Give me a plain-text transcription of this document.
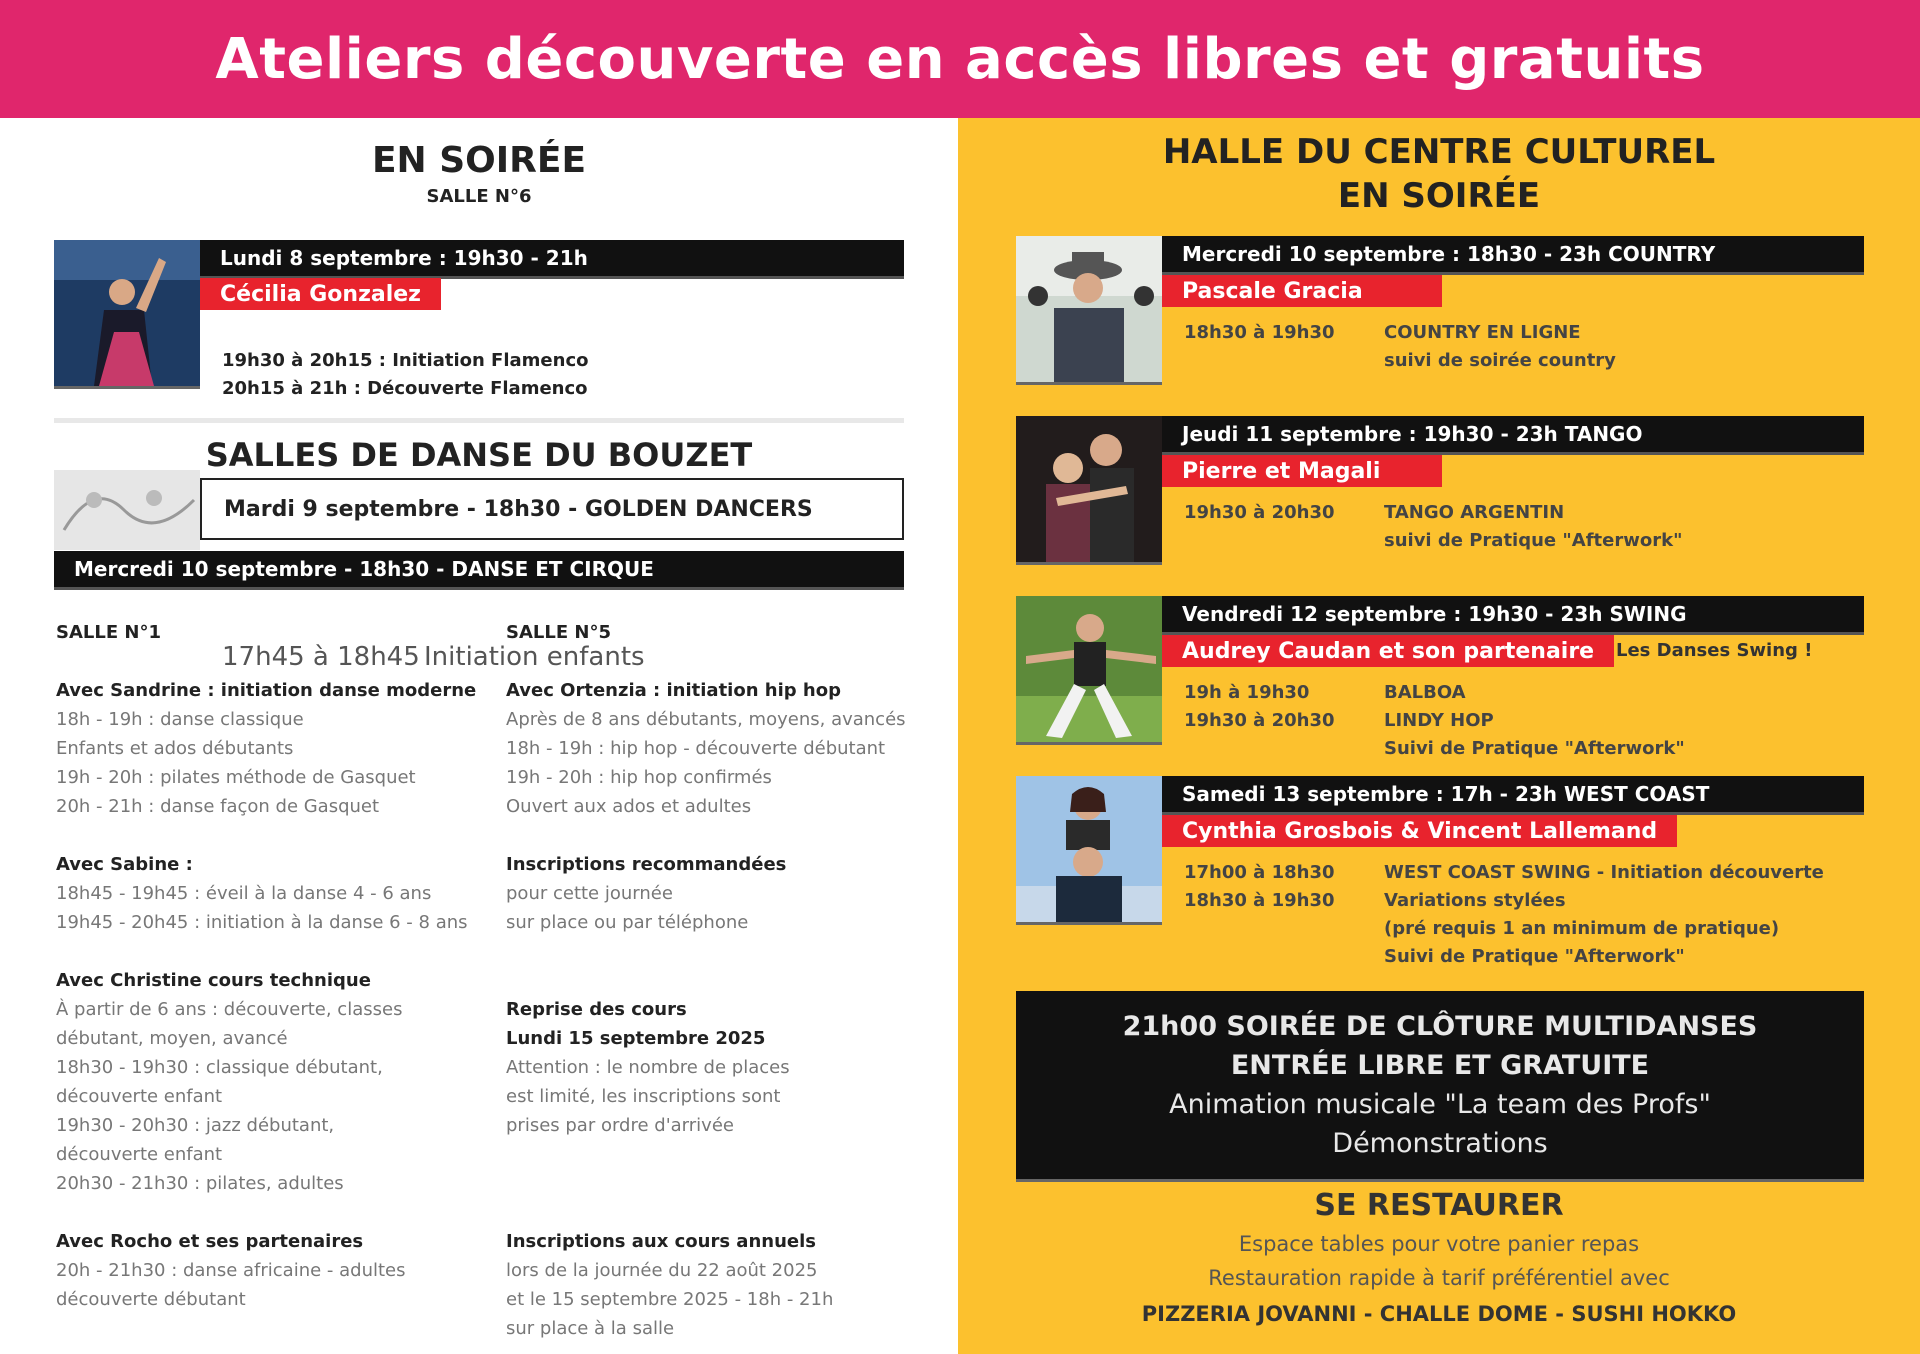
Ateliers découverte en accès libres et gratuits
EN SOIRÉE
SALLE N°6
Lundi 8 septembre : 19h30 - 21h
Cécilia Gonzalez
19h30 à 20h15 : Initiation Flamenco
20h15 à 21h : Découverte Flamenco
SALLES DE DANSE DU BOUZET
Mardi 9 septembre - 18h30 - GOLDEN DANCERS
Mercredi 10 septembre - 18h30 - DANSE ET CIRQUE
SALLE N°1	SALLE N°5
17h45 à 18h45 Initiation enfants
Avec Sandrine : initiation danse moderne
18h - 19h : danse classique
Enfants et ados débutants
19h - 20h : pilates méthode de Gasquet
20h - 21h : danse façon de Gasquet
Avec Sabine :
18h45 - 19h45 : éveil à la danse 4 - 6 ans
19h45 - 20h45 : initiation à la danse 6 - 8 ans
Avec Christine cours technique
À partir de 6 ans : découverte, classes
débutant, moyen, avancé
18h30 - 19h30 : classique débutant,
découverte enfant
19h30 - 20h30 : jazz débutant,
découverte enfant
20h30 - 21h30 : pilates, adultes
Avec Rocho et ses partenaires
20h - 21h30 : danse africaine - adultes
découverte débutant
Avec Ortenzia : initiation hip hop
Après de 8 ans débutants, moyens, avancés
18h - 19h : hip hop - découverte débutant
19h - 20h : hip hop confirmés
Ouvert aux ados et adultes
Inscriptions recommandées
pour cette journée
sur place ou par téléphone
Reprise des cours
Lundi 15 septembre 2025
Attention : le nombre de places
est limité, les inscriptions sont
prises par ordre d'arrivée
Inscriptions aux cours annuels
lors de la journée du 22 août 2025
et le 15 septembre 2025 - 18h - 21h
sur place à la salle
HALLE DU CENTRE CULTUREL
EN SOIRÉE
Mercredi 10 septembre : 18h30 - 23h COUNTRY
Pascale Gracia
18h30 à 19h30	COUNTRY EN LIGNE
suivi de soirée country
Jeudi 11 septembre : 19h30 - 23h TANGO
Pierre et Magali
19h30 à 20h30	TANGO ARGENTIN
suivi de Pratique "Afterwork"
Vendredi 12 septembre : 19h30 - 23h SWING
Audrey Caudan et son partenaire	Les Danses Swing !
19h à 19h30	BALBOA
19h30 à 20h30	LINDY HOP
Suivi de Pratique "Afterwork"
Samedi 13 septembre : 17h - 23h WEST COAST
Cynthia Grosbois & Vincent Lallemand
17h00 à 18h30	WEST COAST SWING - Initiation découverte
18h30 à 19h30	Variations stylées
(pré requis 1 an minimum de pratique)
Suivi de Pratique "Afterwork"
21h00 SOIRÉE DE CLÔTURE MULTIDANSES
ENTRÉE LIBRE ET GRATUITE
Animation musicale "La team des Profs"
Démonstrations
SE RESTAURER
Espace tables pour votre panier repas
Restauration rapide à tarif préférentiel avec
PIZZERIA JOVANNI - CHALLE DOME - SUSHI HOKKO
